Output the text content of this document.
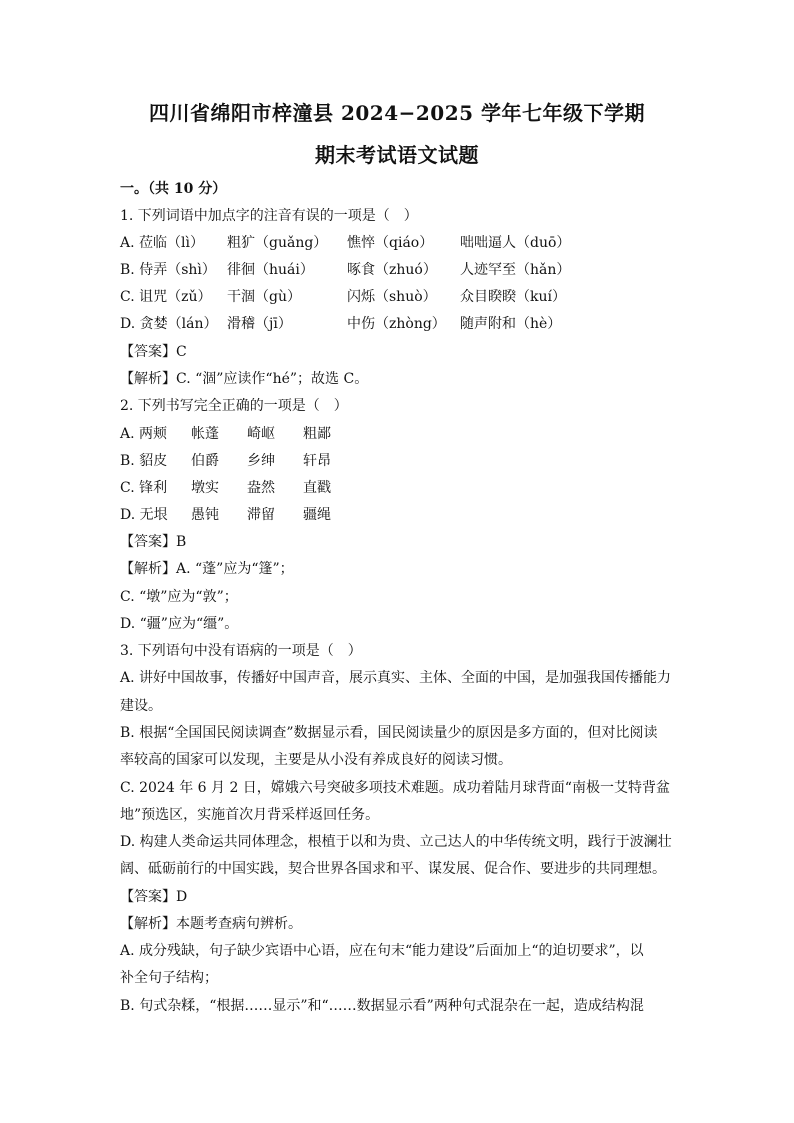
四川省绵阳市梓潼县 2024−2025 学年七年级下学期
期末考试语文试题
一。（共 10 分）
1. 下列词语中加点字的注音有误的一项是（　）
A. 莅临（lì） 粗犷（guǎng） 憔悴（qiáo） 咄咄逼人（duō）
B. 侍弄（shì） 徘徊（huái） 啄食（zhuó） 人迹罕至（hǎn）
C. 诅咒（zǔ） 干涸（gù）	闪烁（shuò） 众目睽睽（kuí）
D. 贪婪（lán） 滑稽（jī）	中伤（zhòng） 随声附和（hè）
【答案】C
【解析】C. “涸”应读作“hé”；故选 C。
2. 下列书写完全正确的一项是（　）
A. 两颊 帐蓬 崎岖 粗鄙
B. 貂皮 伯爵 乡绅 轩昂
C. 锋利 墩实 盎然 直戳
D. 无垠 愚钝 滞留 疆绳
【答案】B
【解析】A. “蓬”应为“篷”；
C. “墩”应为“敦”；
D. “疆”应为“缰”。
3. 下列语句中没有语病的一项是（　）
A. 讲好中国故事，传播好中国声音，展示真实、主体、全面的中国，是加强我国传播能力
建设。
B. 根据“全国国民阅读调查”数据显示看，国民阅读量少的原因是多方面的，但对比阅读
率较高的国家可以发现，主要是从小没有养成良好的阅读习惯。
C. 2024 年 6 月 2 日，嫦娥六号突破多项技术难题。成功着陆月球背面“南极一艾特背盆
地”预选区，实施首次月背采样返回任务。
D. 构建人类命运共同体理念，根植于以和为贵、立己达人的中华传统文明，践行于波澜壮
阔、砥砺前行的中国实践，契合世界各国求和平、谋发展、促合作、要进步的共同理想。
【答案】D
【解析】本题考查病句辨析。
A. 成分残缺，句子缺少宾语中心语，应在句末“能力建设”后面加上“的迫切要求”，以
补全句子结构；
B. 句式杂糅，“根据……显示”和“……数据显示看”两种句式混杂在一起，造成结构混
